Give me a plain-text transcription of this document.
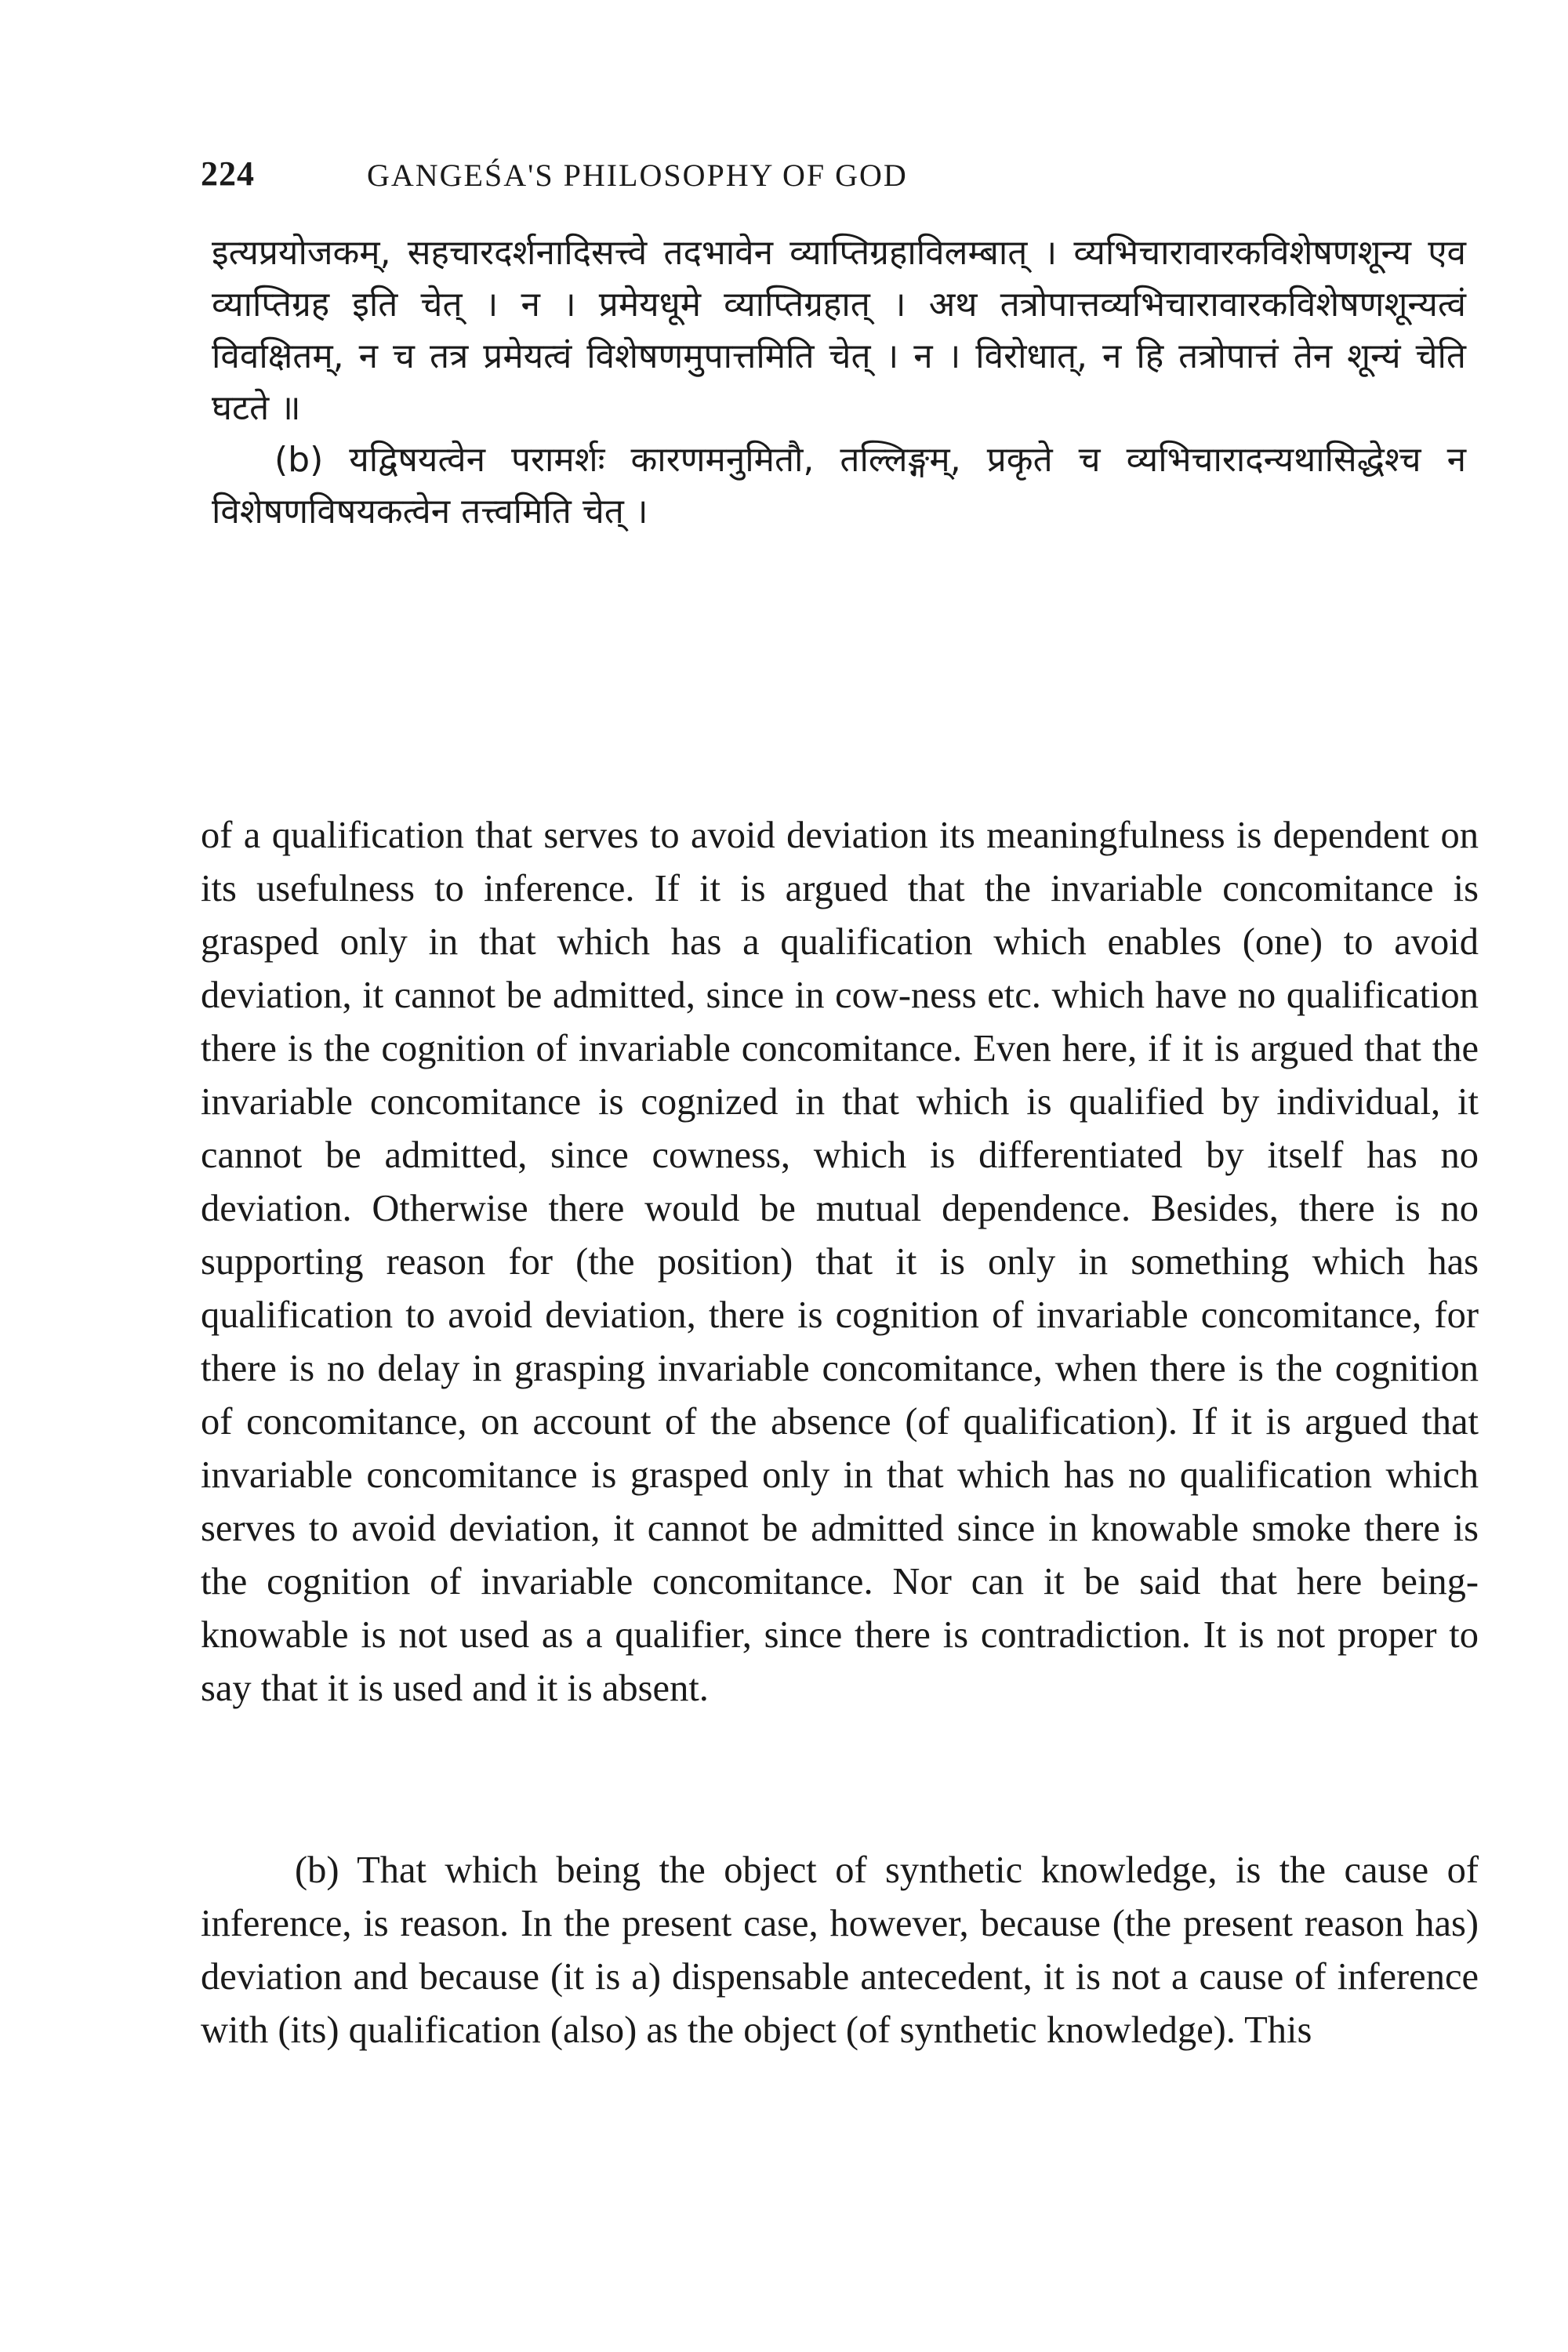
224	GANGEŚA'S PHILOSOPHY OF GOD

इत्यप्रयोजकम्, सहचारदर्शनादिसत्त्वे तदभावेन व्याप्तिग्रहाविलम्बात् । व्यभिचारावारकविशेषणशून्य एव व्याप्तिग्रह इति चेत् । न । प्रमेयधूमे व्याप्तिग्रहात् । अथ तत्रोपात्तव्यभिचारावारकविशेषणशून्यत्वं विवक्षितम्, न च तत्र प्रमेयत्वं विशेषणमुपात्तमिति चेत् । न । विरोधात्, न हि तत्रोपात्तं तेन शून्यं चेति घटते ॥

(b) यद्विषयत्वेन परामर्शः कारणमनुमितौ, तल्लिङ्गम्, प्रकृते च व्यभिचारादन्यथासिद्धेश्च न विशेषणविषयकत्वेन तत्त्वमिति चेत् ।

of a qualification that serves to avoid deviation its meaningfulness is dependent on its usefulness to inference. If it is argued that the invariable concomitance is grasped only in that which has a qualification which enables (one) to avoid deviation, it cannot be admitted, since in cow-ness etc. which have no qualification there is the cognition of invariable concomitance. Even here, if it is argued that the invariable concomitance is cognized in that which is qualified by individual, it cannot be admitted, since cowness, which is differentiated by itself has no deviation. Otherwise there would be mutual dependence. Besides, there is no supporting reason for (the position) that it is only in something which has qualification to avoid deviation, there is cognition of invariable concomitance, for there is no delay in grasping invariable concomitance, when there is the cognition of concomitance, on account of the absence (of qualification). If it is argued that invariable concomitance is grasped only in that which has no qualification which serves to avoid deviation, it cannot be admitted since in knowable smoke there is the cognition of invariable concomitance. Nor can it be said that here being-knowable is not used as a qualifier, since there is contradiction. It is not proper to say that it is used and it is absent.

(b) That which being the object of synthetic knowledge, is the cause of inference, is reason. In the present case, however, because (the present reason has) deviation and because (it is a) dispensable antecedent, it is not a cause of inference with (its) qualification (also) as the object (of synthetic knowledge). This
